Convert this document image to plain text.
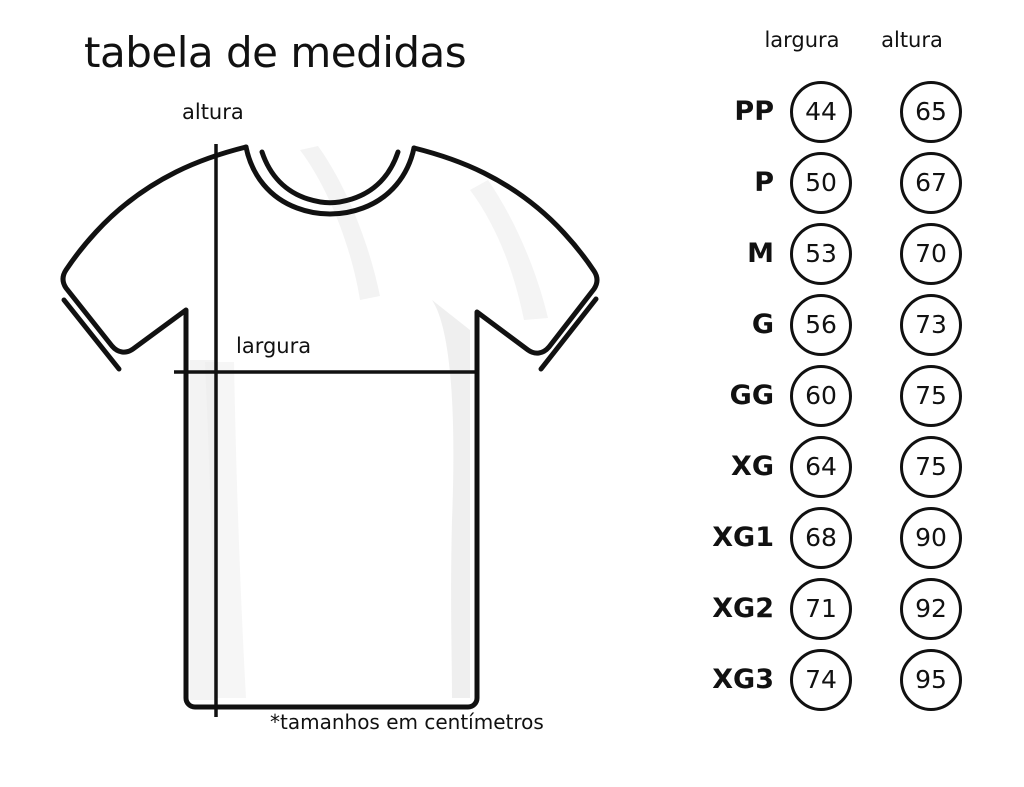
tabela de medidas
altura
largura
*tamanhos em centímetros
largura	altura
PP	44	65
P	50	67
M	53	70
G	56	73
GG	60	75
XG	64	75
XG1	68	90
XG2	71	92
XG3	74	95
